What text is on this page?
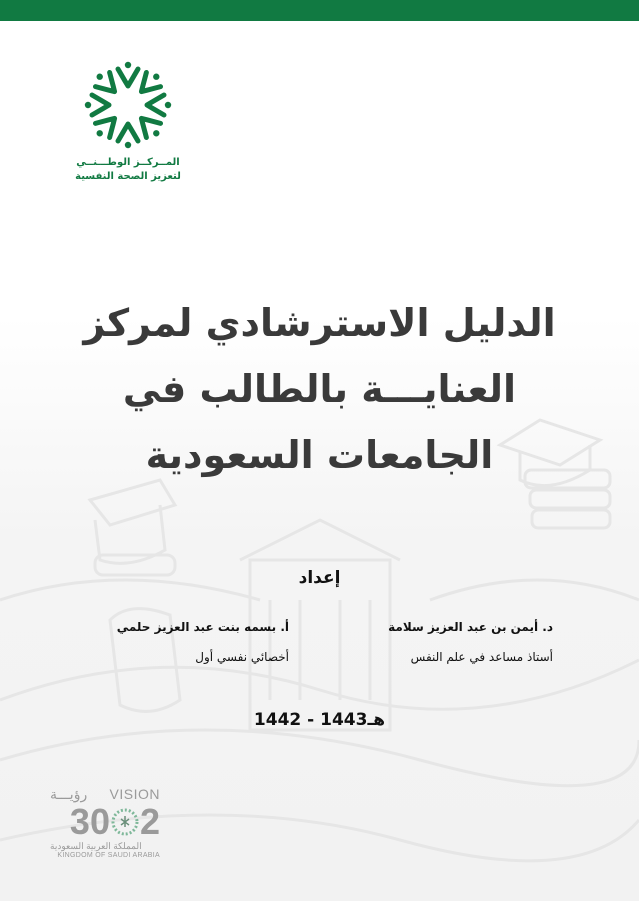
المــركــز الوطـــنــي
لتعزيز الصحة النفسية
الدليل الاسترشادي لمركز
العنايـــة بالطالب في
الجامعات السعودية
إعداد
د. أيمن بن عبد العزيز سلامة
أستاذ مساعد في علم النفس
أ. بسمه بنت عبد العزيز حلمي
أخصائي نفسي أول
1442 - 1443هـ
VISION
رؤيـــة
2
30
المملكة العربية السعودية
KINGDOM OF SAUDI ARABIA
